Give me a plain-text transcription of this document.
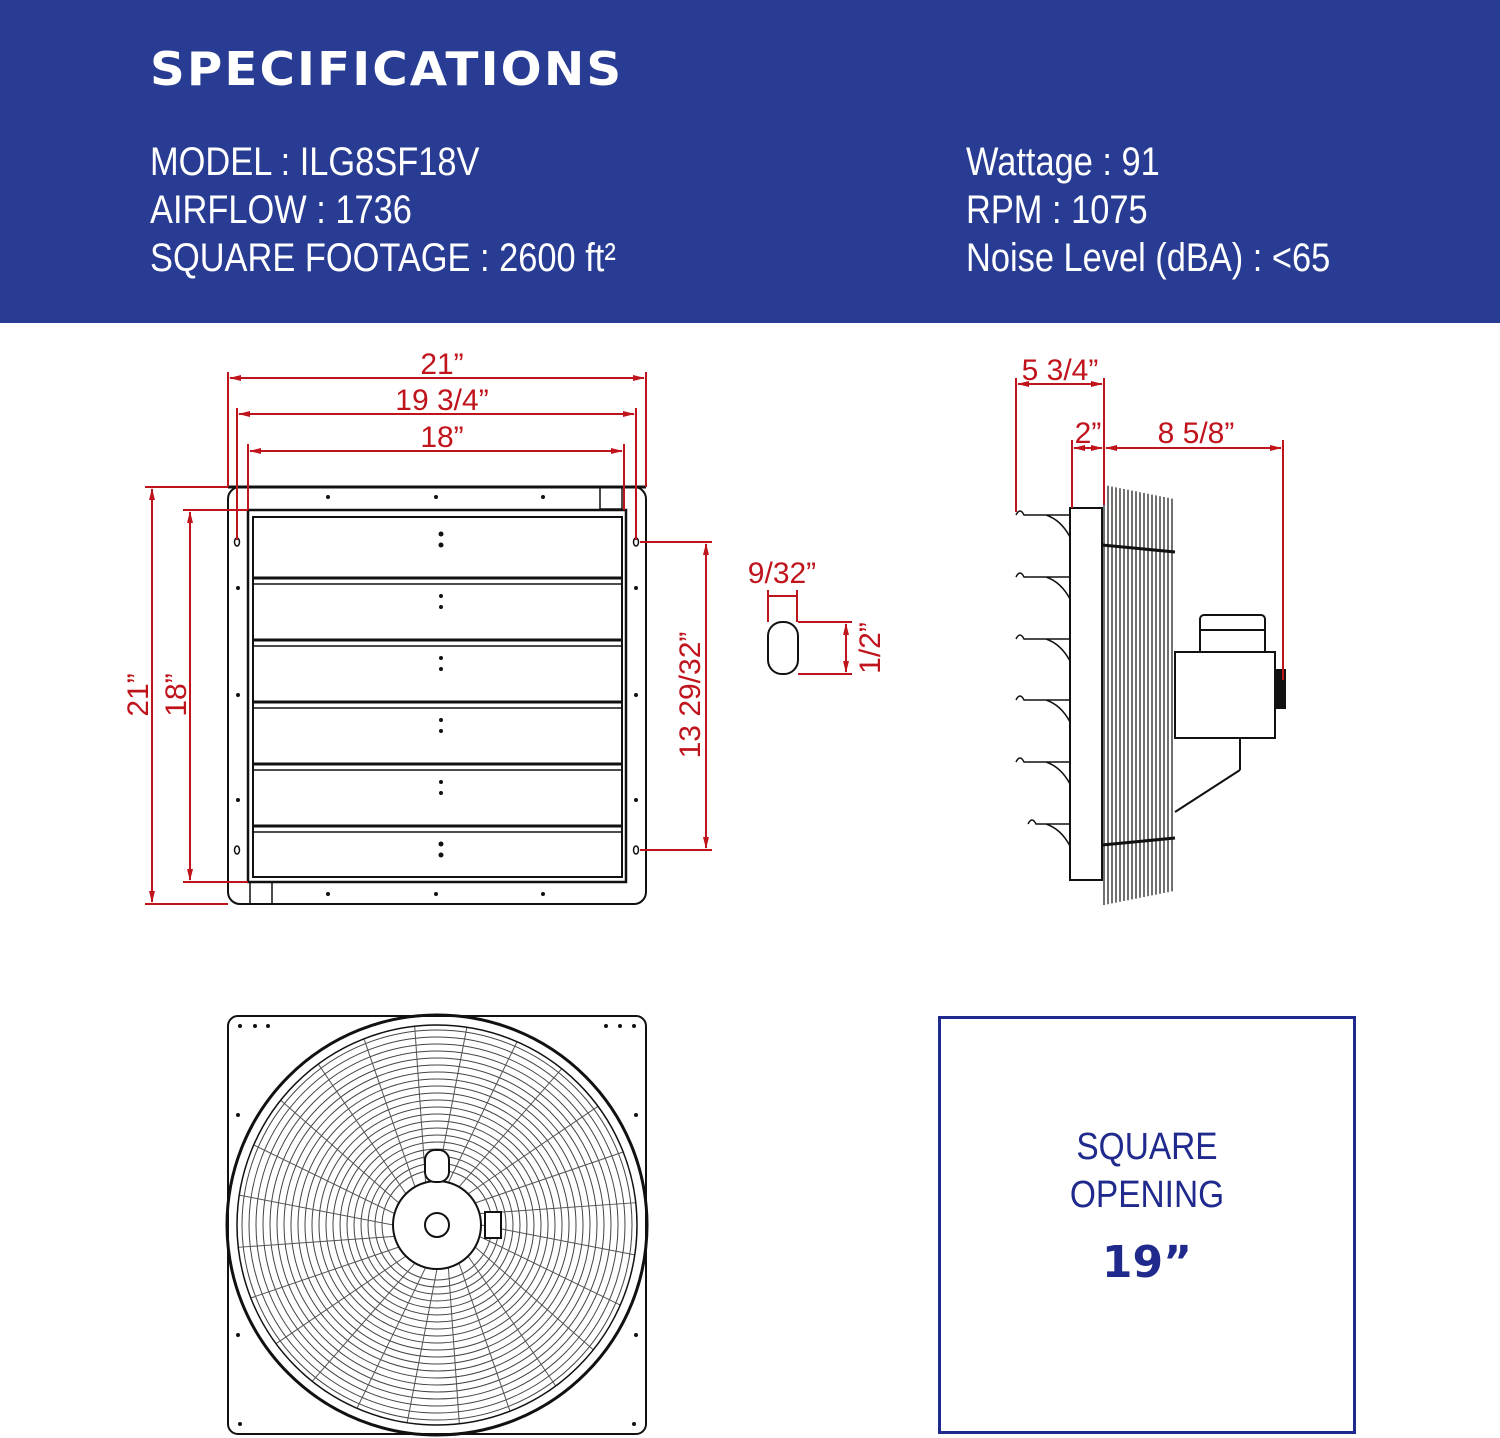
SPECIFICATIONS
MODEL : ILG8SF18V
AIRFLOW : 1736
SQUARE FOOTAGE : 2600 ft²
Wattage : 91
RPM : 1075
Noise Level (dBA) : <65
21”
19 3/4”
18”
21” 18”	13 29/32”
9/32”
1/2”
5 3/4”
2” 8 5/8”
SQUARE
OPENING
19”
